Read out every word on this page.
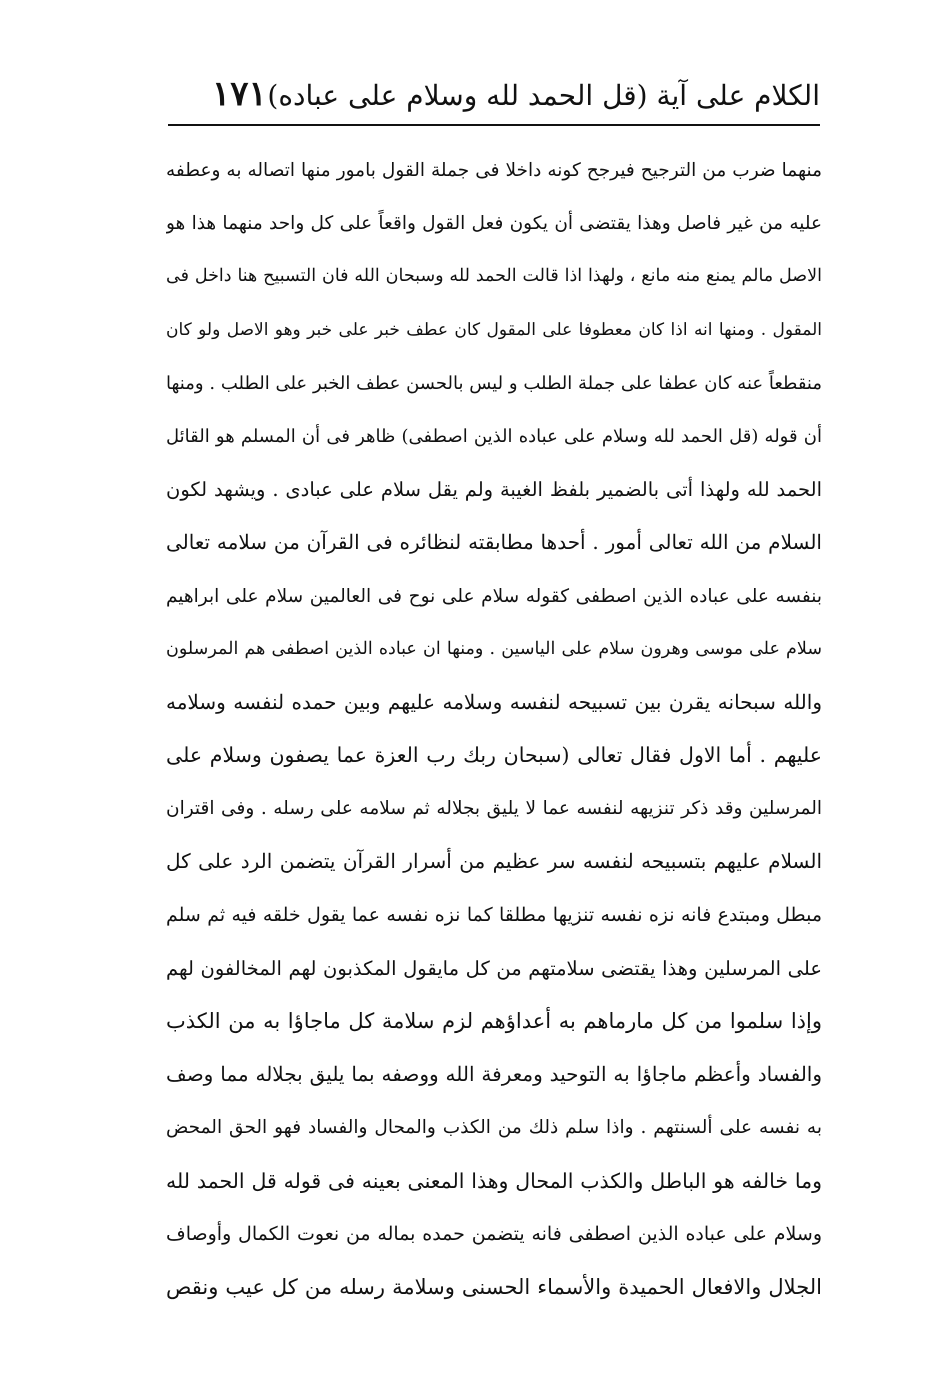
الكلام على آية (قل الحمد لله وسلام على عباده)
١٧١
منهما ضرب من الترجيح فيرجح كونه داخلا فى جملة القول بامور منها اتصاله به وعطفه
عليه من غير فاصل وهذا يقتضى أن يكون فعل القول واقعاً على كل واحد منهما هذا هو
الاصل مالم يمنع منه مانع ، ولهذا اذا قالت الحمد لله وسبحان الله فان التسبيح هنا داخل فى
المقول . ومنها انه اذا كان معطوفا على المقول كان عطف خبر على خبر وهو الاصل ولو كان
منقطعاً عنه كان عطفا على جملة الطلب و ليس بالحسن عطف الخبر على الطلب . ومنها
أن قوله (قل الحمد لله وسلام على عباده الذين اصطفى) ظاهر فى أن المسلم هو القائل
الحمد لله ولهذا أتى بالضمير بلفظ الغيبة ولم يقل سلام على عبادى . ويشهد لكون
السلام من الله تعالى أمور . أحدها مطابقته لنظائره فى القرآن من سلامه تعالى
بنفسه على عباده الذين اصطفى كقوله سلام على نوح فى العالمين سلام على ابراهيم
سلام على موسى وهرون سلام على الياسين . ومنها ان عباده الذين اصطفى هم المرسلون
والله سبحانه يقرن بين تسبيحه لنفسه وسلامه عليهم وبين حمده لنفسه وسلامه
عليهم . أما الاول فقال تعالى (سبحان ربك رب العزة عما يصفون وسلام على
المرسلين وقد ذكر تنزيهه لنفسه عما لا يليق بجلاله ثم سلامه على رسله . وفى اقتران
السلام عليهم بتسبيحه لنفسه سر عظيم من أسرار القرآن يتضمن الرد على كل
مبطل ومبتدع فانه نزه نفسه تنزيها مطلقا كما نزه نفسه عما يقول خلقه فيه ثم سلم
على المرسلين وهذا يقتضى سلامتهم من كل مايقول المكذبون لهم المخالفون لهم
وإذا سلموا من كل مارماهم به أعداؤهم لزم سلامة كل ماجاؤا به من الكذب
والفساد وأعظم ماجاؤا به التوحيد ومعرفة الله ووصفه بما يليق بجلاله مما وصف
به نفسه على ألسنتهم . واذا سلم ذلك من الكذب والمحال والفساد فهو الحق المحض
وما خالفه هو الباطل والكذب المحال وهذا المعنى بعينه فى قوله قل الحمد لله
وسلام على عباده الذين اصطفى فانه يتضمن حمده بماله من نعوت الكمال وأوصاف
الجلال والافعال الحميدة والأسماء الحسنى وسلامة رسله من كل عيب ونقص
